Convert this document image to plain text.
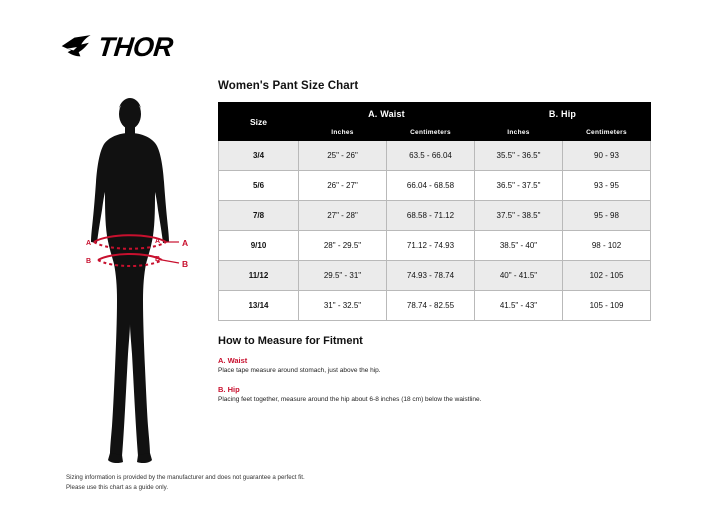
THOR
A
B
A
B
A
B
Women's Pant Size Chart
Size	A. Waist		B. Hip	
	Inches	Centimeters	Inches	Centimeters
3/4	25" - 26"	63.5 - 66.04	35.5" - 36.5"	90 - 93
5/6	26" - 27"	66.04 - 68.58	36.5" - 37.5"	93 - 95
7/8	27" - 28"	68.58 - 71.12	37.5" - 38.5"	95 - 98
9/10	28" - 29.5"	71.12 - 74.93	38.5" - 40"	98 - 102
11/12	29.5" - 31"	74.93 - 78.74	40" - 41.5"	102 - 105
13/14	31" - 32.5"	78.74 - 82.55	41.5" - 43"	105 - 109
How to Measure for Fitment
A. Waist
Place tape measure around stomach, just above the hip.
B. Hip
Placing feet together, measure around the hip about 6-8 inches (18 cm) below the waistline.
Sizing information is provided by the manufacturer and does not guarantee a perfect fit.
Please use this chart as a guide only.
